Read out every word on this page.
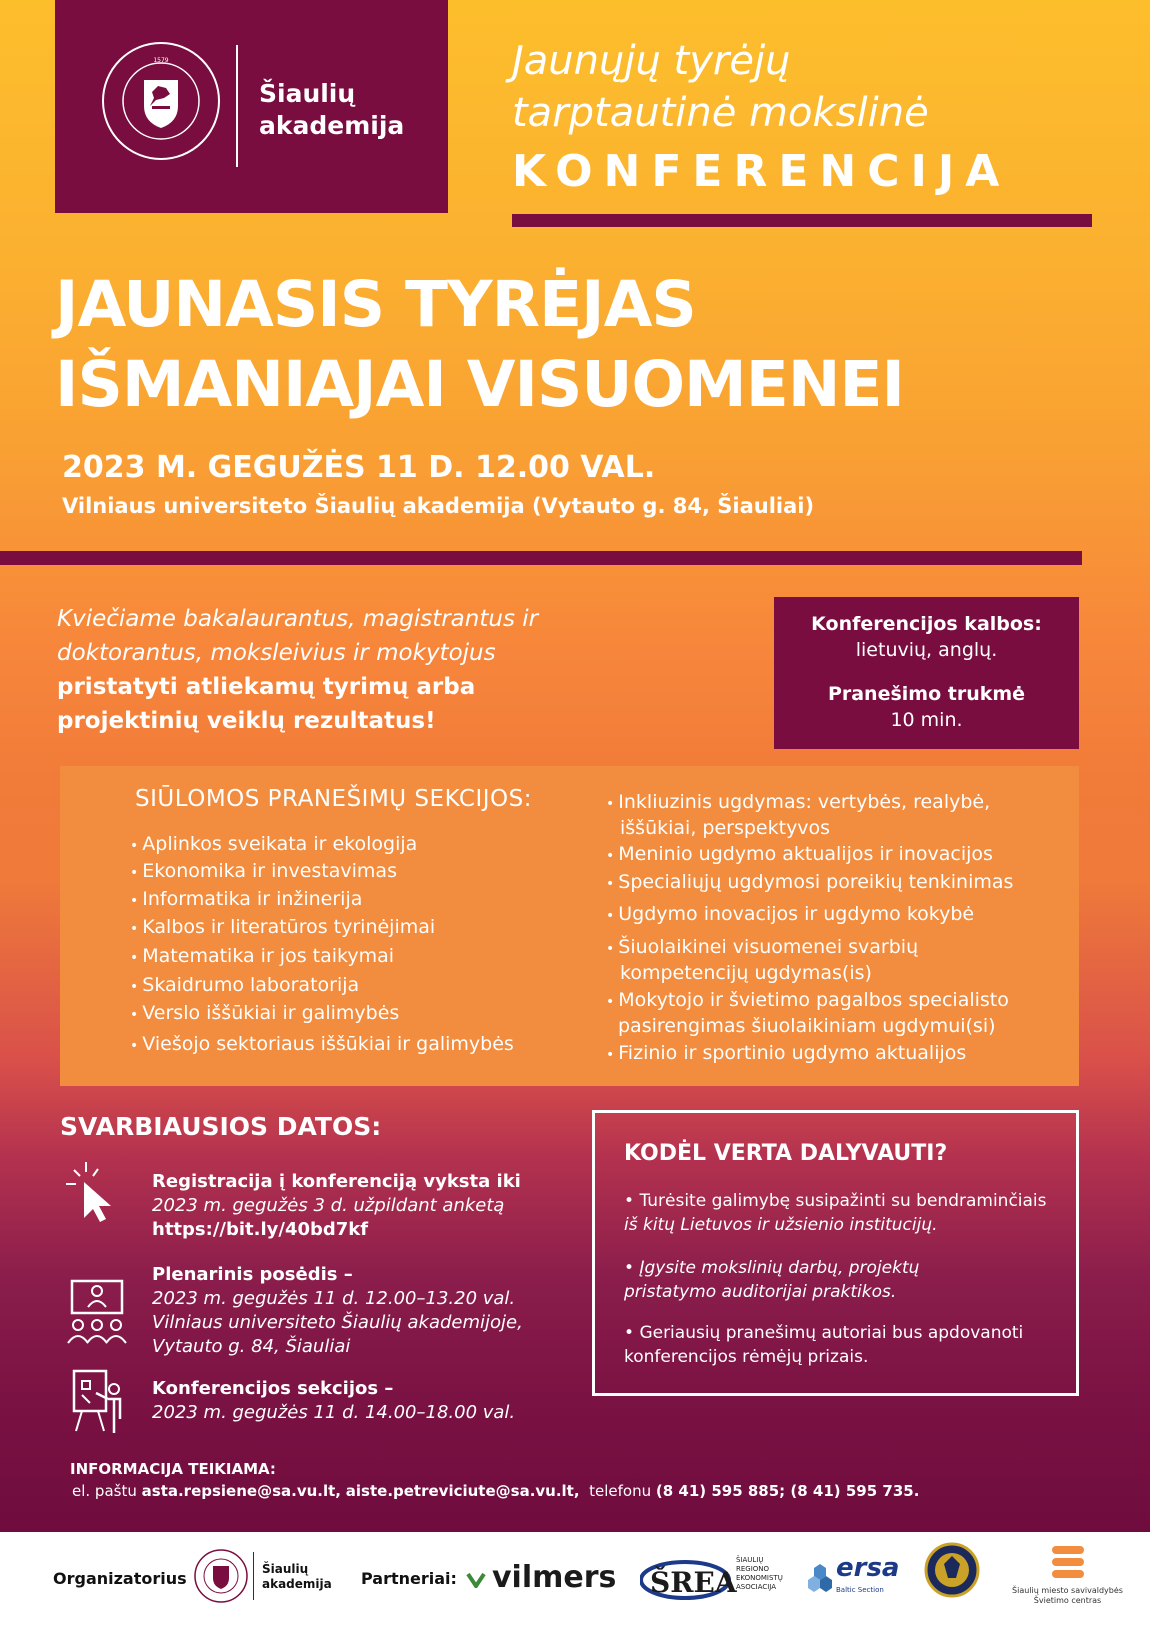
1579
Šiaulių
akademija
Jaunųjų tyrėjų
tarptautinė mokslinė
KONFERENCIJA
JAUNASIS TYRĖJAS
IŠMANIAJAI VISUOMENEI
2023 M. GEGUŽĖS 11 D. 12.00 VAL.
Vilniaus universiteto Šiaulių akademija (Vytauto g. 84, Šiauliai)
Kviečiame bakalaurantus, magistrantus ir
doktorantus, moksleivius ir mokytojus
pristatyti atliekamų tyrimų arba
projektinių veiklų rezultatus!
Konferencijos kalbos:
lietuvių, anglų.
Pranešimo trukmė
10 min.
SIŪLOMOS PRANEŠIMŲ SEKCIJOS:
• Aplinkos sveikata ir ekologija
• Ekonomika ir investavimas
• Informatika ir inžinerija
• Kalbos ir literatūros tyrinėjimai
• Matematika ir jos taikymai
• Skaidrumo laboratorija
• Verslo iššūkiai ir galimybės
• Viešojo sektoriaus iššūkiai ir galimybės
• Inkliuzinis ugdymas: vertybės, realybė,
iššūkiai, perspektyvos
• Meninio ugdymo aktualijos ir inovacijos
• Specialiųjų ugdymosi poreikių tenkinimas
• Ugdymo inovacijos ir ugdymo kokybė
• Šiuolaikinei visuomenei svarbių
kompetencijų ugdymas(is)
• Mokytojo ir švietimo pagalbos specialisto
pasirengimas šiuolaikiniam ugdymui(si)
• Fizinio ir sportinio ugdymo aktualijos
SVARBIAUSIOS DATOS:
Registracija į konferenciją vyksta iki
2023 m. gegužės 3 d. užpildant anketą
https://bit.ly/40bd7kf
Plenarinis posėdis –
2023 m. gegužės 11 d. 12.00–13.20 val.
Vilniaus universiteto Šiaulių akademijoje,
Vytauto g. 84, Šiauliai
Konferencijos sekcijos –
2023 m. gegužės 11 d. 14.00–18.00 val.
KODĖL VERTA DALYVAUTI?
• Turėsite galimybę susipažinti su bendraminčiais
iš kitų Lietuvos ir užsienio institucijų.
• Įgysite mokslinių darbų, projektų
pristatymo auditorijai praktikos.
• Geriausių pranešimų autoriai bus apdovanoti
konferencijos rėmėjų prizais.
INFORMACIJA TEIKIAMA:
el. paštu asta.repsiene@sa.vu.lt, aiste.petreviciute@sa.vu.lt, telefonu (8 41) 595 885; (8 41) 595 735.
Organizatorius	Šiaulių
akademija Partneriai: vilmers ŠREA
ŠIAULIŲ
REGIONO
EKONOMISTŲ
ASOCIACIJA
ersa
Baltic Section	Šiaulių miesto savivaldybės
Švietimo centras
